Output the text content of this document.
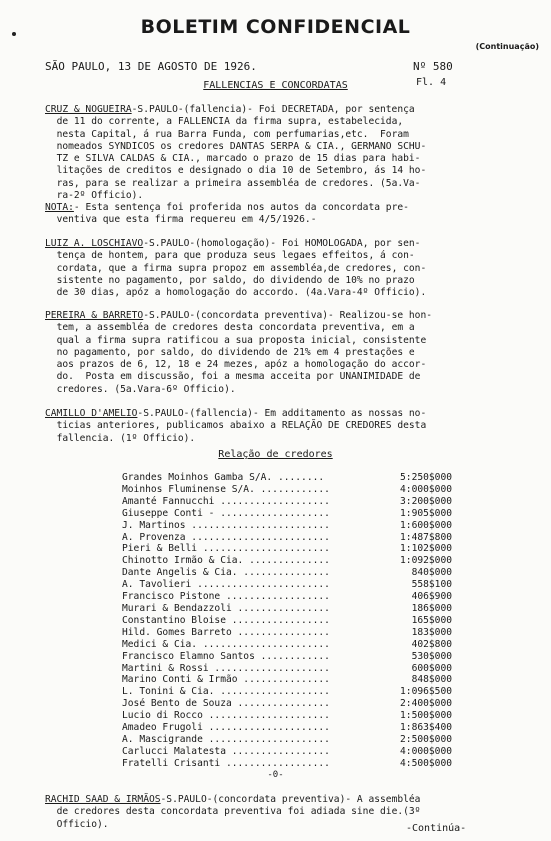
BOLETIM CONFIDENCIAL
(Continuação)
SÃO PAULO, 13 DE AGOSTO DE 1926.	Nº 580
Fl. 4
FALLENCIAS E CONCORDATAS
CRUZ & NOGUEIRA-S.PAULO-(fallencia)- Foi DECRETADA, por sentença
de 11 do corrente, a FALLENCIA da firma supra, estabelecida,
nesta Capital, á rua Barra Funda, com perfumarias,etc.  Foram
nomeados SYNDICOS os credores DANTAS SERPA & CIA., GERMANO SCHU-
TZ e SILVA CALDAS & CIA., marcado o prazo de 15 dias para habi-
litações de creditos e designado o dia 10 de Setembro, ás 14 ho-
ras, para se realizar a primeira assembléa de credores. (5a.Va-
ra-2º Officio).
NOTA:- Esta sentença foi proferida nos autos da concordata pre-
ventiva que esta firma requereu em 4/5/1926.-
LUIZ A. LOSCHIAVO-S.PAULO-(homologação)- Foi HOMOLOGADA, por sen-
tença de hontem, para que produza seus legaes effeitos, á con-
cordata, que a firma supra propoz em assembléa,de credores, con-
sistente no pagamento, por saldo, do dividendo de 10% no prazo
de 30 dias, apóz a homologação do accordo. (4a.Vara-4º Officio).
PEREIRA & BARRETO-S.PAULO-(concordata preventiva)- Realizou-se hon-
tem, a assembléa de credores desta concordata preventiva, em a
qual a firma supra ratificou a sua proposta inicial, consistente
no pagamento, por saldo, do dividendo de 21% em 4 prestações e
aos prazos de 6, 12, 18 e 24 mezes, apóz a homologação do accor-
do.  Posta em discussão, foi a mesma acceita por UNANIMIDADE de
credores. (5a.Vara-6º Officio).
CAMILLO D'AMELIO-S.PAULO-(fallencia)- Em additamento as nossas no-
ticias anteriores, publicamos abaixo a RELAÇÃO DE CREDORES desta
fallencia. (1º Officio).
Relação de credores
Grandes Moinhos Gamba S/A. ........	5:250$000
Moinhos Fluminense S/A. ............	4:000$000
Amanté Fannucchi ...................	3:200$000
Giuseppe Conti - ...................	1:905$000
J. Martinos ........................	1:600$000
A. Provenza ........................	1:487$800
Pieri & Belli ......................	1:102$000
Chinotto Irmão & Cia. ..............	1:092$000
Dante Angelis & Cia. ...............	840$000
A. Tavolieri .......................	558$100
Francisco Pistone ..................	406$900
Murari & Bendazzoli ................	186$000
Constantino Bloise .................	165$000
Hild. Gomes Barreto ................	183$000
Medici & Cia. ......................	402$800
Francisco Elamno Santos ............	530$000
Martini & Rossi ....................	600$000
Marino Conti & Irmão ...............	848$000
L. Tonini & Cia. ...................	1:096$500
José Bento de Souza ................	2:400$000
Lucio di Rocco .....................	1:500$000
Amadeo Frugoli .....................	1:863$400
A. Mascigrande .....................	2:500$000
Carlucci Malatesta .................	4:000$000
Fratelli Crisanti ..................	4:500$000
-0-
RACHID SAAD & IRMÃOS-S.PAULO-(concordata preventiva)- A assembléa
de credores desta concordata preventiva foi adiada sine die.(3º
Officio).	-Continúa-
